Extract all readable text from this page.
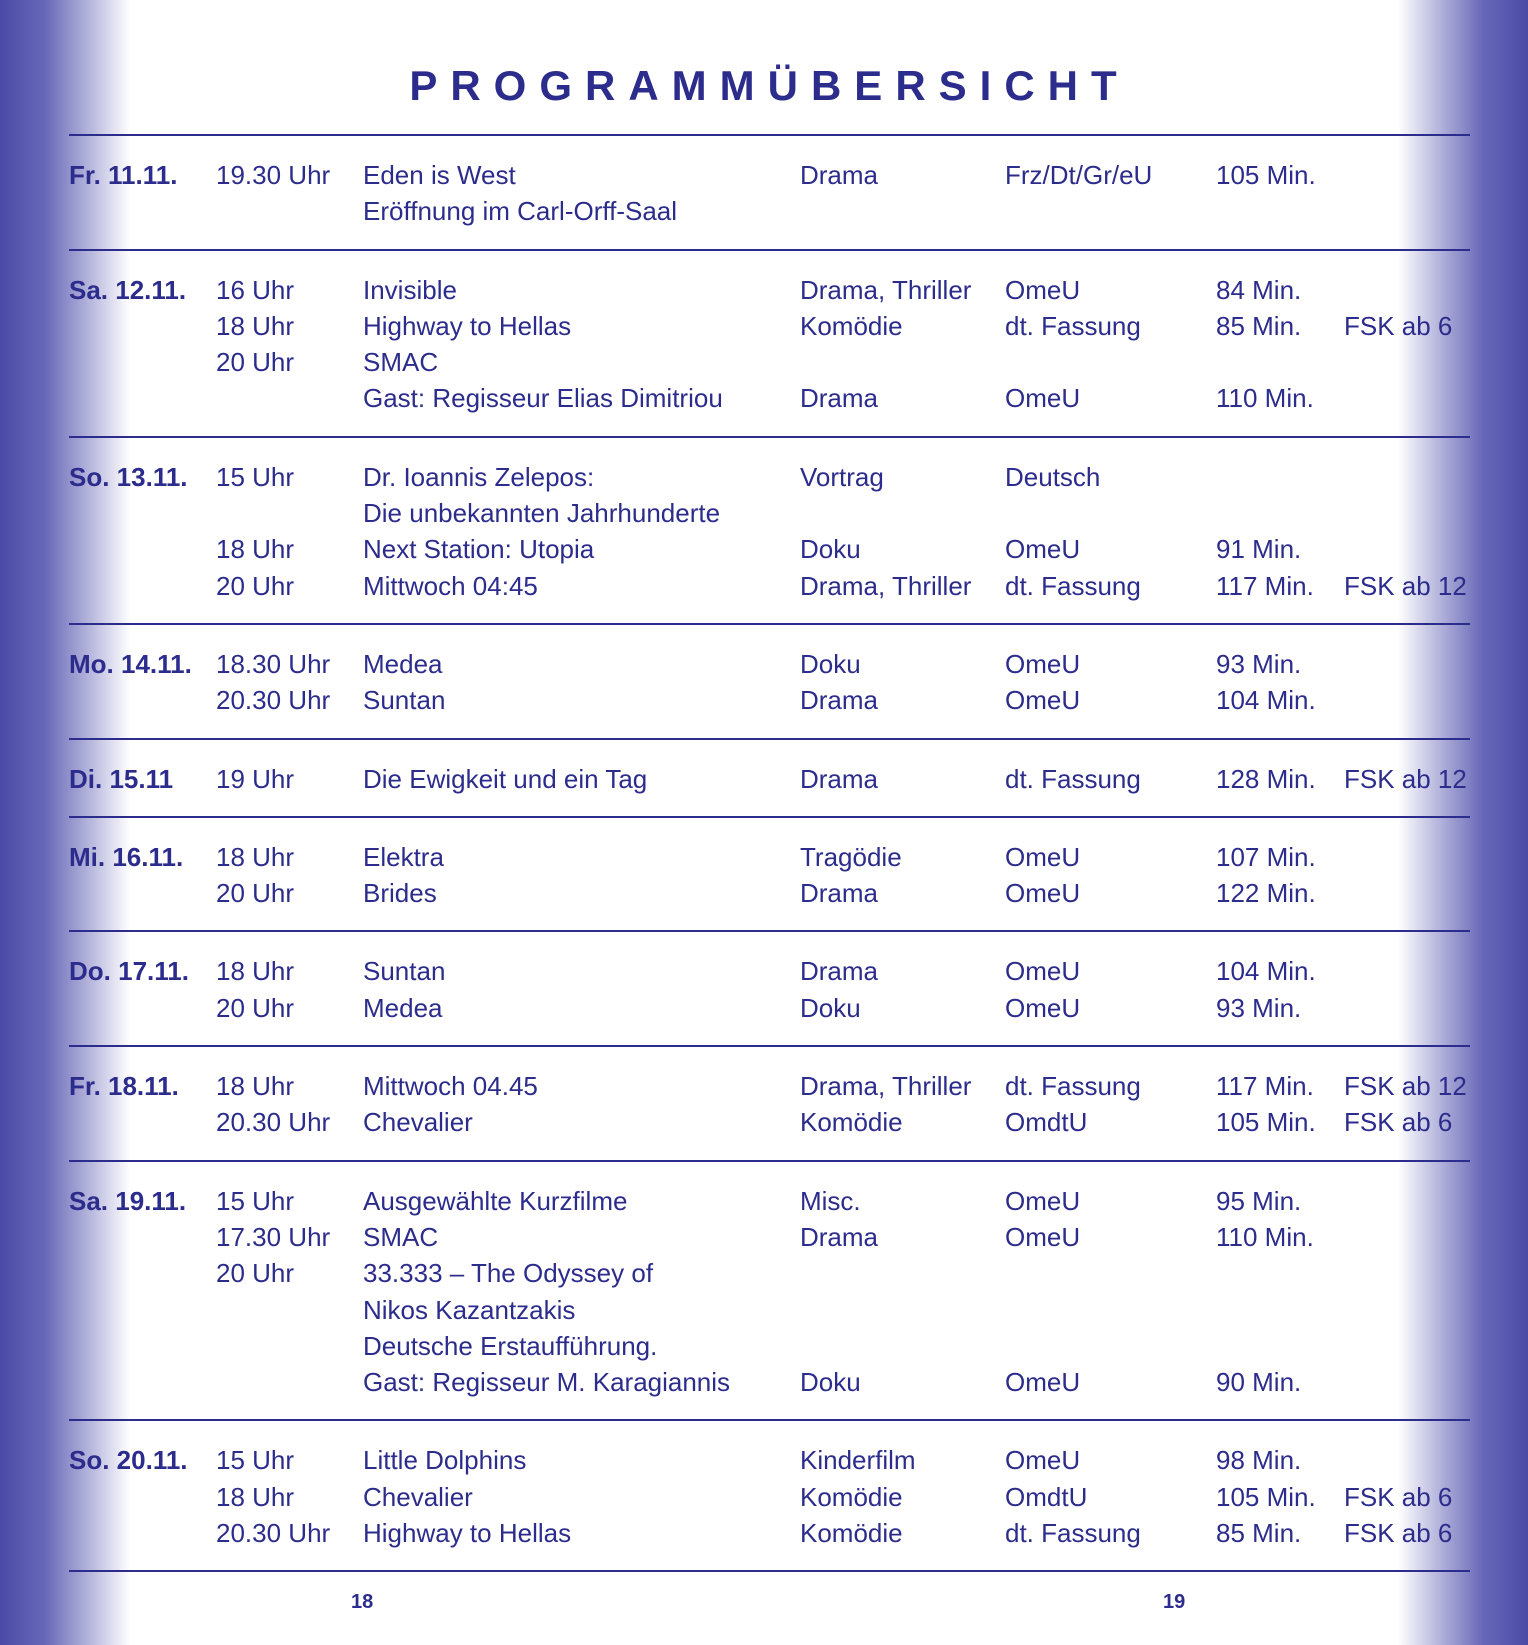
PROGRAMMÜBERSICHT
Fr. 11.11.	19.30 Uhr	Eden is West	Drama	Frz/Dt/Gr/eU	105 Min.
Eröffnung im Carl-Orff-Saal
Sa. 12.11.	16 Uhr	Invisible	Drama, Thriller	OmeU	84 Min.
18 Uhr	Highway to Hellas	Komödie	dt. Fassung	85 Min.	FSK ab 6
20 Uhr	SMAC
Gast: Regisseur Elias Dimitriou	Drama	OmeU	110 Min.
So. 13.11.	15 Uhr	Dr. Ioannis Zelepos:	Vortrag	Deutsch
Die unbekannten Jahrhunderte
18 Uhr	Next Station: Utopia	Doku	OmeU	91 Min.
20 Uhr	Mittwoch 04:45	Drama, Thriller	dt. Fassung	117 Min.	FSK ab 12
Mo. 14.11. 18.30 Uhr	Medea	Doku	OmeU	93 Min.
20.30 Uhr	Suntan	Drama	OmeU	104 Min.
Di. 15.11	19 Uhr	Die Ewigkeit und ein Tag	Drama	dt. Fassung	128 Min.	FSK ab 12
Mi. 16.11.	18 Uhr	Elektra	Tragödie	OmeU	107 Min.
20 Uhr	Brides	Drama	OmeU	122 Min.
Do. 17.11.	18 Uhr	Suntan	Drama	OmeU	104 Min.
20 Uhr	Medea	Doku	OmeU	93 Min.
Fr. 18.11.	18 Uhr	Mittwoch 04.45	Drama, Thriller	dt. Fassung	117 Min.	FSK ab 12
20.30 Uhr	Chevalier	Komödie	OmdtU	105 Min.	FSK ab 6
Sa. 19.11.	15 Uhr	Ausgewählte Kurzfilme	Misc.	OmeU	95 Min.
17.30 Uhr	SMAC	Drama	OmeU	110 Min.
20 Uhr	33.333 – The Odyssey of
Nikos Kazantzakis
Deutsche Erstaufführung.
Gast: Regisseur M. Karagiannis	Doku	OmeU	90 Min.
So. 20.11.	15 Uhr	Little Dolphins	Kinderfilm	OmeU	98 Min.
18 Uhr	Chevalier	Komödie	OmdtU	105 Min.	FSK ab 6
20.30 Uhr	Highway to Hellas	Komödie	dt. Fassung	85 Min.	FSK ab 6
18	19
